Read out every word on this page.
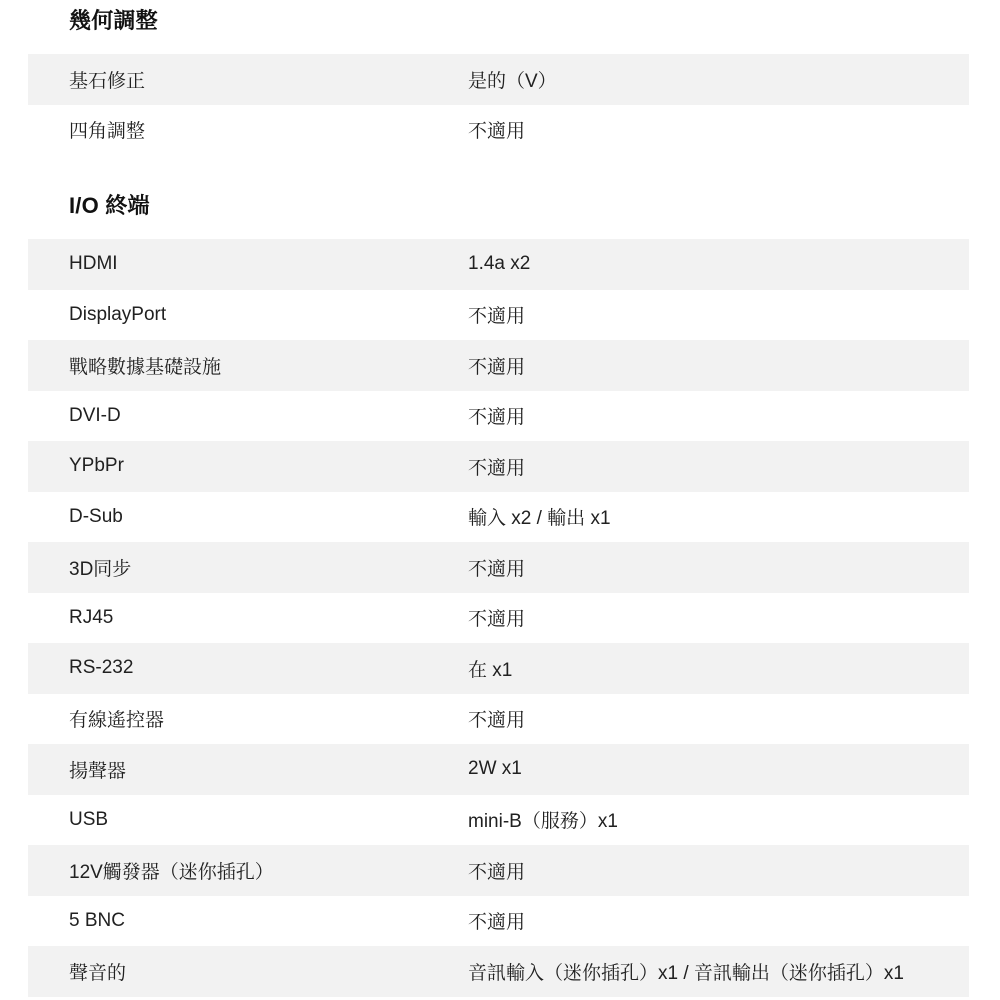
幾何調整
基石修正	是的（V）
四角調整	不適用
I/O 終端
HDMI	1.4a x2
DisplayPort	不適用
戰略數據基礎設施	不適用
DVI-D	不適用
YPbPr	不適用
D-Sub	輸入 x2 / 輸出 x1
3D同步	不適用
RJ45	不適用
RS-232	在 x1
有線遙控器	不適用
揚聲器	2W x1
USB	mini-B（服務）x1
12V觸發器（迷你插孔）	不適用
5 BNC	不適用
聲音的	音訊輸入（迷你插孔）x1 / 音訊輸出（迷你插孔）x1
